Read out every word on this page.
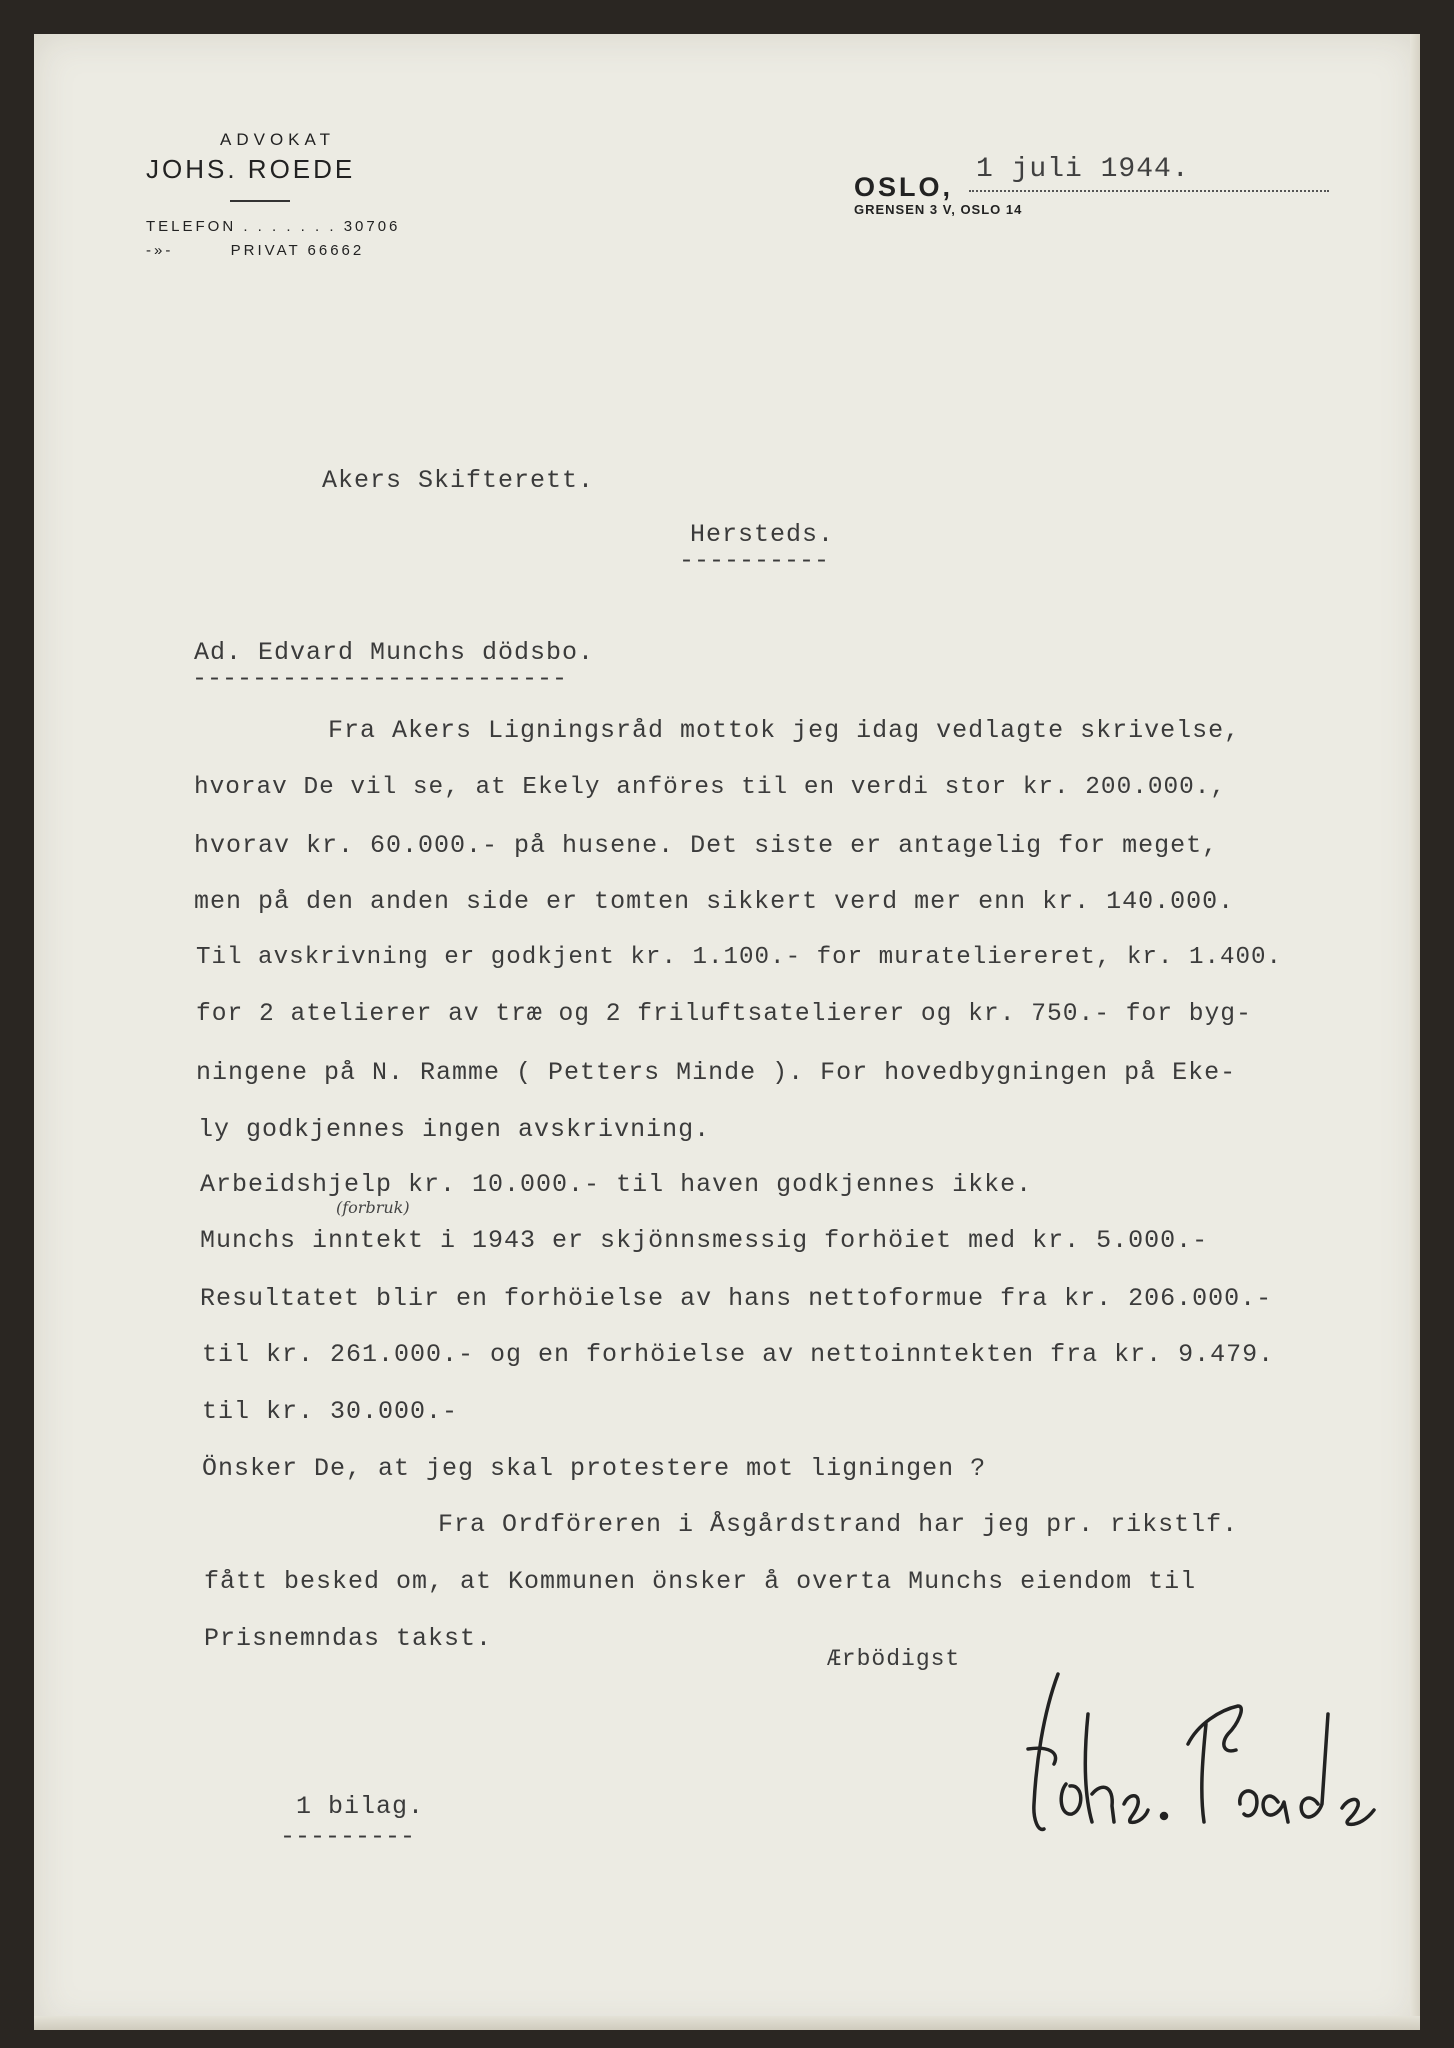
ADVOKAT
JOHS. ROEDE
TELEFON . . . . . . . 30706
-»-        PRIVAT 66662
OSLO,
GRENSEN 3 V, OSLO 14
1 juli 1944.
Akers Skifterett.
Hersteds.
----------
Ad. Edvard Munchs dödsbo.
-------------------------
Fra Akers Ligningsråd mottok jeg idag vedlagte skrivelse,
hvorav De vil se, at Ekely anföres til en verdi stor kr. 200.000.,
hvorav kr. 60.000.- på husene. Det siste er antagelig for meget,
men på den anden side er tomten sikkert verd mer enn kr. 140.000.
Til avskrivning er godkjent kr. 1.100.- for murateliereret, kr. 1.400.
for 2 atelierer av træ og 2 friluftsatelierer og kr. 750.- for byg-
ningene på N. Ramme ( Petters Minde ). For hovedbygningen på Eke-
ly godkjennes ingen avskrivning.
Arbeidshjelp kr. 10.000.- til haven godkjennes ikke.
(forbruk)
Munchs inntekt i 1943 er skjönnsmessig forhöiet med kr. 5.000.-
Resultatet blir en forhöielse av hans nettoformue fra kr. 206.000.-
til kr. 261.000.- og en forhöielse av nettoinntekten fra kr. 9.479.
til kr. 30.000.-
Önsker De, at jeg skal protestere mot ligningen ?
Fra Ordföreren i Åsgårdstrand har jeg pr. rikstlf.
fått besked om, at Kommunen önsker å overta Munchs eiendom til
Prisnemndas takst.
Ærbödigst
1 bilag.
---------
